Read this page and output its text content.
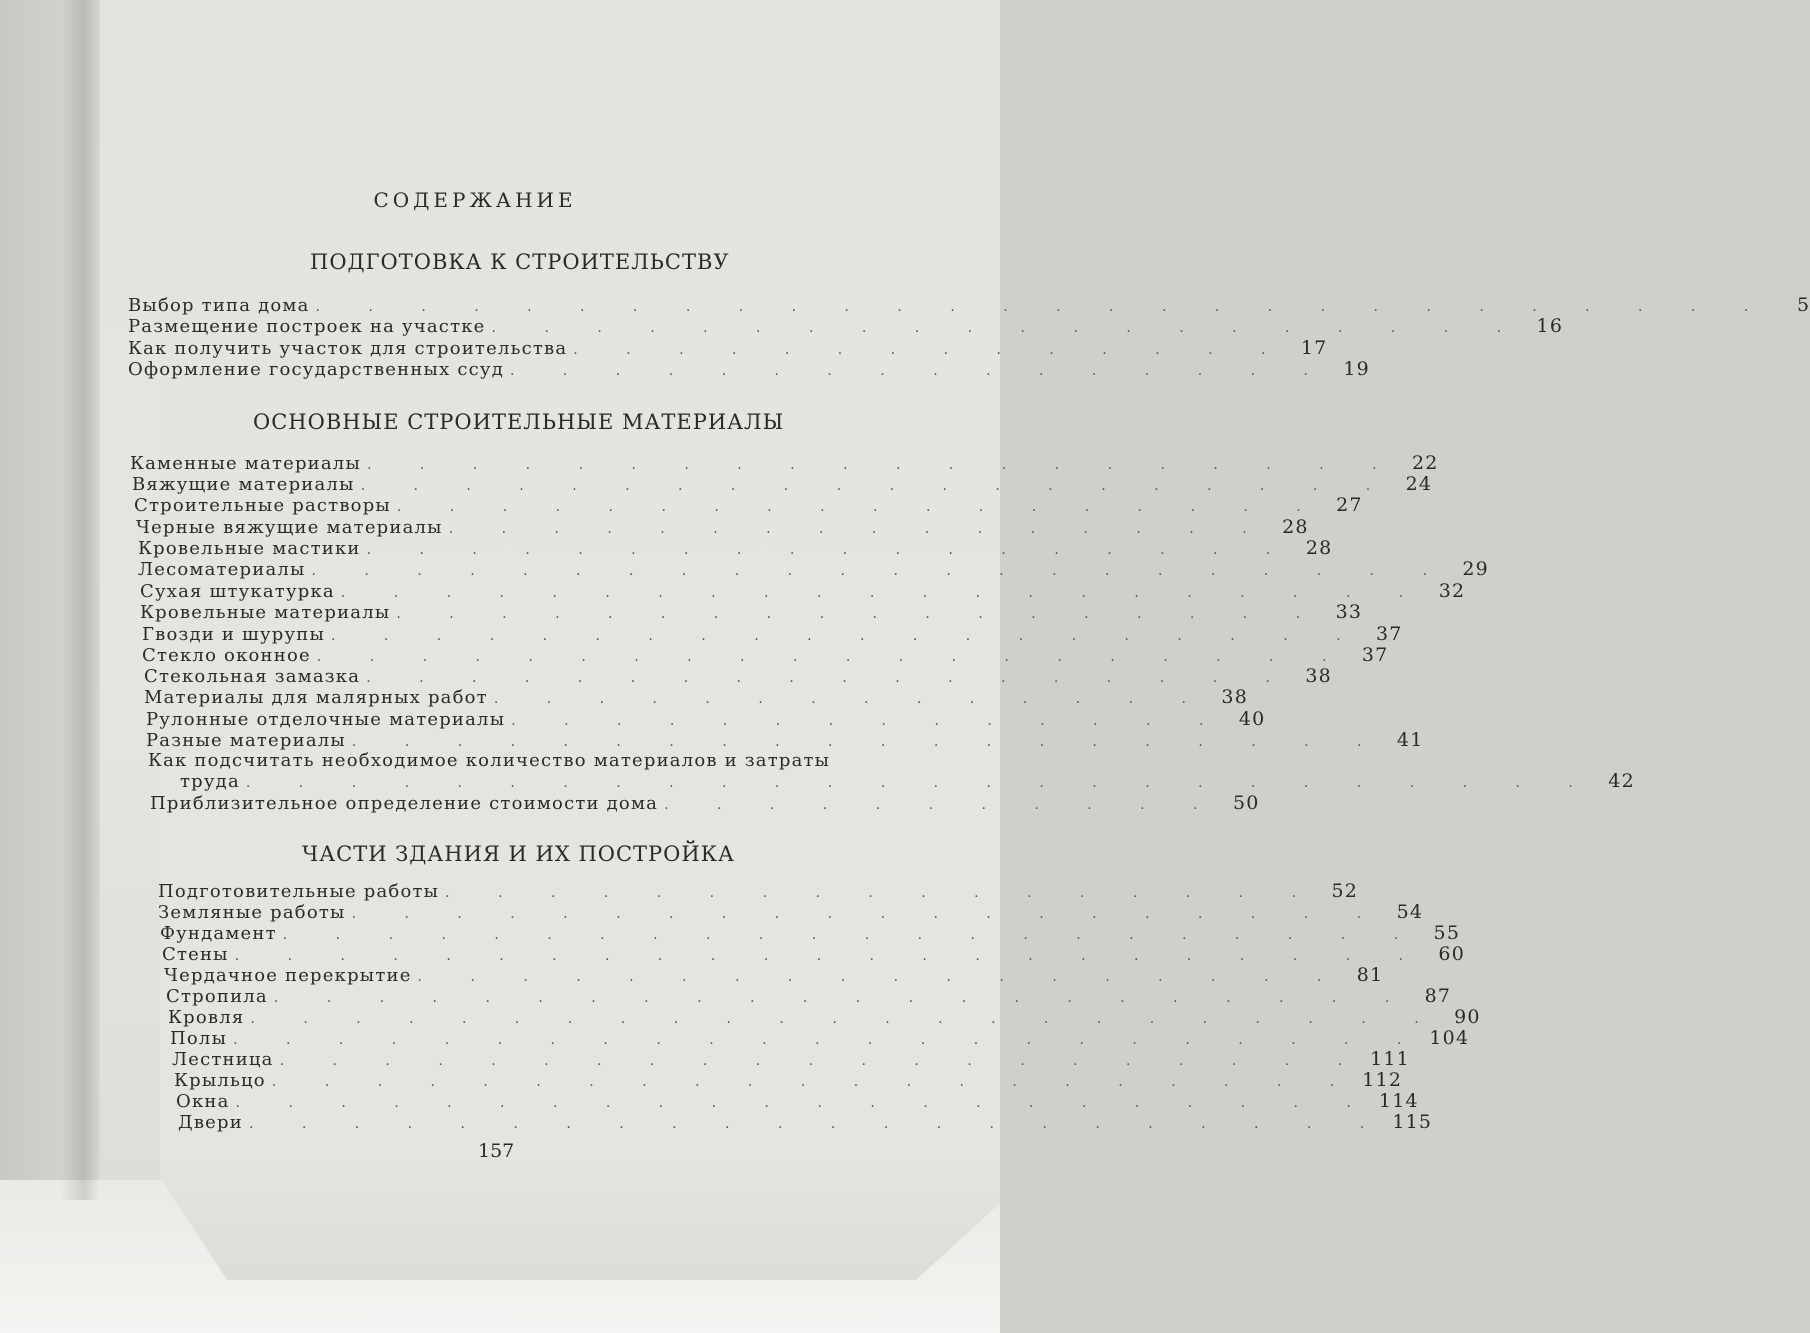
СОДЕРЖАНИЕ
ПОДГОТОВКА К СТРОИТЕЛЬСТВУ
Выбор типа дома . . . . . . . . . . . . . . . . . . . . . . . . . . . .	5
Размещение построек на участке . . . . . . . . . . . . . . . . . . . . 16
Как получить участок для строительства . . . . . . . . . . . . . . 17
Оформление государственных ссуд . . . . . . . . . . . . . . . . 19
ОСНОВНЫЕ СТРОИТЕЛЬНЫЕ МАТЕРИАЛЫ
Каменные материалы . . . . . . . . . . . . . . . . . . . . 22
Вяжущие материалы . . . . . . . . . . . . . . . . . . . . 24
Строительные растворы . . . . . . . . . . . . . . . . . . 27
Черные вяжущие материалы . . . . . . . . . . . . . . . . 28
Кровельные мастики . . . . . . . . . . . . . . . . . . 28
Лесоматериалы . . . . . . . . . . . . . . . . . . . . . . 29
Сухая штукатурка . . . . . . . . . . . . . . . . . . . . . 32
Кровельные материалы . . . . . . . . . . . . . . . . . . 33
Гвозди и шурупы . . . . . . . . . . . . . . . . . . . . 37
Стекло оконное . . . . . . . . . . . . . . . . . . . . 37
Стекольная замазка . . . . . . . . . . . . . . . . . . 38
Материалы для малярных работ . . . . . . . . . . . . . . 38
Рулонные отделочные материалы . . . . . . . . . . . . . . 40
Разные материалы . . . . . . . . . . . . . . . . . . . . 41
Как подсчитать необходимое количество материалов и затраты
труда . . . . . . . . . . . . . . . . . . . . . . . . . . 42
Приблизительное определение стоимости дома . . . . . . . . . . . 50
ЧАСТИ ЗДАНИЯ И ИХ ПОСТРОЙКА
Подготовительные работы . . . . . . . . . . . . . . . . . 52
Земляные работы . . . . . . . . . . . . . . . . . . . . 54
Фундамент . . . . . . . . . . . . . . . . . . . . . . 55
Стены . . . . . . . . . . . . . . . . . . . . . . . 60
Чердачное перекрытие . . . . . . . . . . . . . . . . . . 81
Стропила . . . . . . . . . . . . . . . . . . . . . . 87
Кровля . . . . . . . . . . . . . . . . . . . . . . . 90
Полы . . . . . . . . . . . . . . . . . . . . . . . 104
Лестница . . . . . . . . . . . . . . . . . . . . . 111
Крыльцо . . . . . . . . . . . . . . . . . . . . . 112
Окна . . . . . . . . . . . . . . . . . . . . . . 114
Двери . . . . . . . . . . . . . . . . . . . . . . 115
157
